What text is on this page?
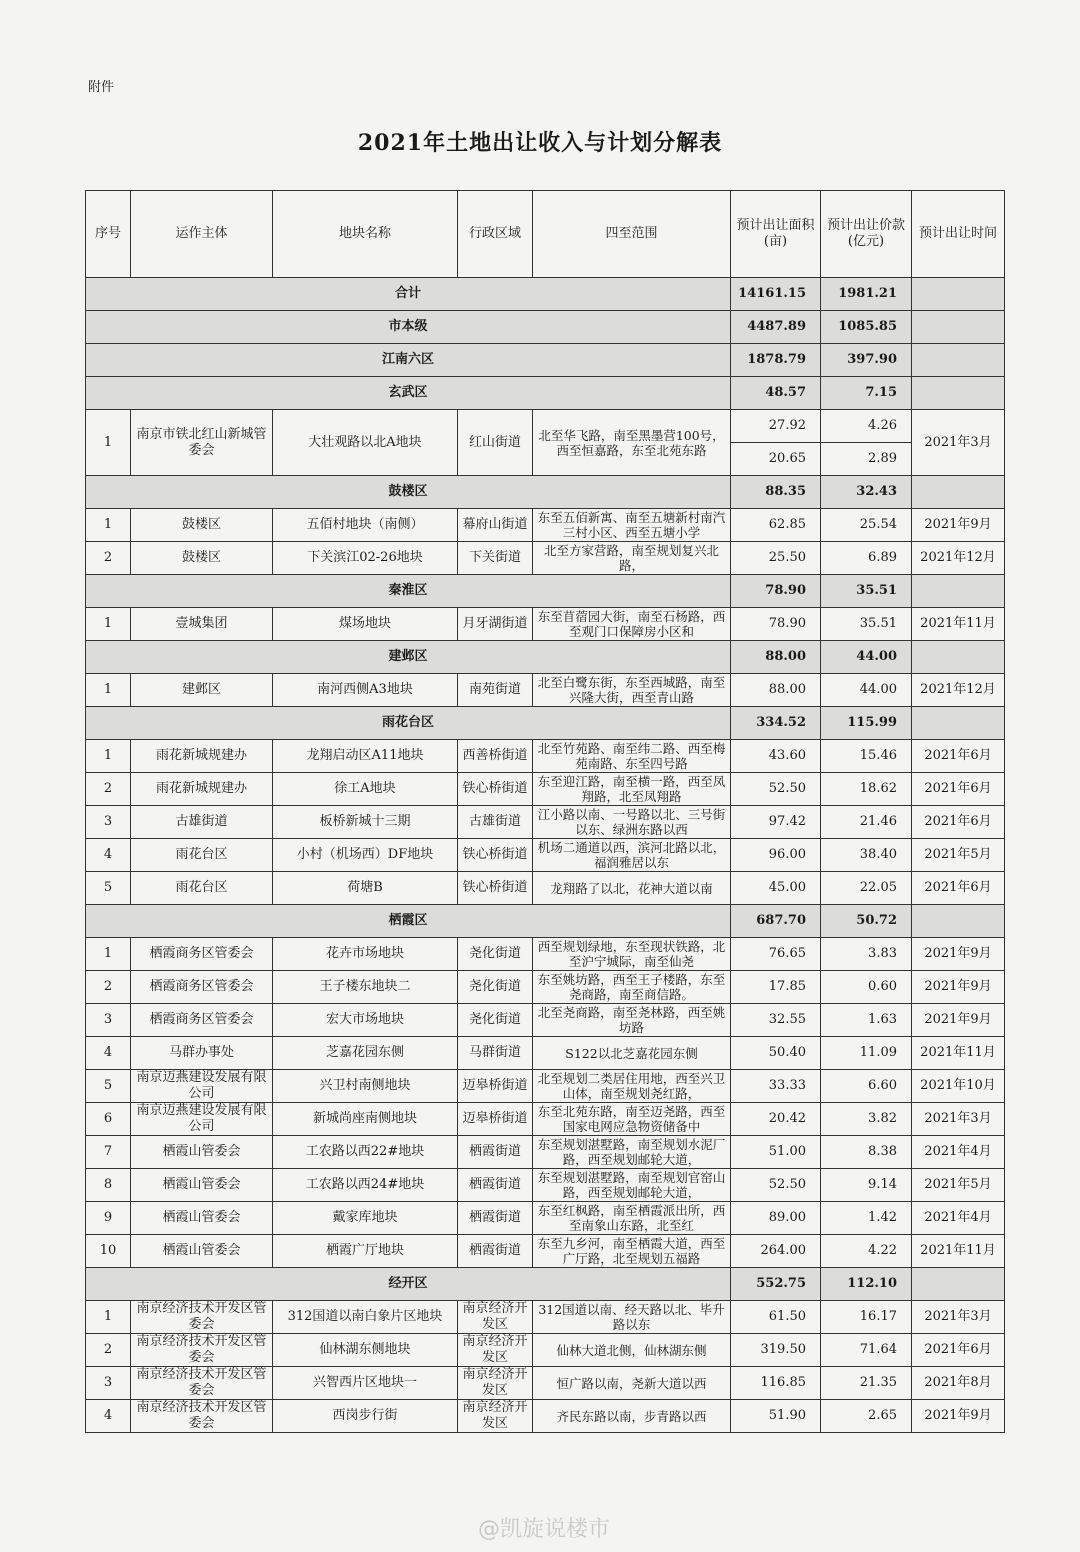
附件
2021年土地出让收入与计划分解表
序号	运作主体	地块名称	行政区域	四至范围	预计出让面积(亩)	预计出让价款(亿元)	预计出让时间
合计					14161.15	1981.21	
市本级					4487.89	1085.85	
江南六区					1878.79	397.90	
玄武区					48.57	7.15	
1	南京市铁北红山新城管委会	大壮观路以北A地块	红山街道	北至华飞路，南至黑墨营100号，西至恒嘉路，东至北苑东路	27.92	4.26	2021年3月
					20.65	2.89	
鼓楼区					88.35	32.43	
1	鼓楼区	五佰村地块（南侧）	幕府山街道	东至五佰新寓、南至五塘新村南汽三村小区、西至五塘小学	62.85	25.54	2021年9月
2	鼓楼区	下关滨江02-26地块	下关街道	北至方家营路，南至规划复兴北路，	25.50	6.89	2021年12月
秦淮区					78.90	35.51	
1	壹城集团	煤场地块	月牙湖街道	东至苜蓿园大街，南至石杨路，西至观门口保障房小区和	78.90	35.51	2021年11月
建邺区					88.00	44.00	
1	建邺区	南河西侧A3地块	南苑街道	北至白鹭东街，东至西城路，南至兴隆大街，西至青山路	88.00	44.00	2021年12月
雨花台区					334.52	115.99	
1	雨花新城规建办	龙翔启动区A11地块	西善桥街道	北至竹苑路、南至纬二路、西至梅苑南路、东至四号路	43.60	15.46	2021年6月
2	雨花新城规建办	徐工A地块	铁心桥街道	东至迎江路，南至横一路，西至凤翔路，北至凤翔路	52.50	18.62	2021年6月
3	古雄街道	板桥新城十三期	古雄街道	江小路以南、一号路以北、三号街以东、绿洲东路以西	97.42	21.46	2021年6月
4	雨花台区	小村（机场西）DF地块	铁心桥街道	机场二通道以西，滨河北路以北，福润雅居以东	96.00	38.40	2021年5月
5	雨花台区	荷塘B	铁心桥街道	龙翔路了以北，花神大道以南	45.00	22.05	2021年6月
栖霞区					687.70	50.72	
1	栖霞商务区管委会	花卉市场地块	尧化街道	西至规划绿地，东至现状铁路，北至沪宁城际，南至仙尧	76.65	3.83	2021年9月
2	栖霞商务区管委会	王子楼东地块二	尧化街道	东至姚坊路，西至王子楼路，东至尧商路，南至商信路。	17.85	0.60	2021年9月
3	栖霞商务区管委会	宏大市场地块	尧化街道	北至尧商路，南至尧林路，西至姚坊路	32.55	1.63	2021年9月
4	马群办事处	芝嘉花园东侧	马群街道	S122以北芝嘉花园东侧	50.40	11.09	2021年11月
5	南京迈燕建设发展有限公司	兴卫村南侧地块	迈皋桥街道	北至规划二类居住用地，西至兴卫山体，南至规划尧红路，	33.33	6.60	2021年10月
6	南京迈燕建设发展有限公司	新城尚座南侧地块	迈皋桥街道	东至北苑东路，南至迈尧路，西至国家电网应急物资储备中	20.42	3.82	2021年3月
7	栖霞山管委会	工农路以西22#地块	栖霞街道	东至规划湛墅路，南至规划水泥厂路，西至规划邮轮大道，	51.00	8.38	2021年4月
8	栖霞山管委会	工农路以西24#地块	栖霞街道	东至规划湛墅路，南至规划官窑山路，西至规划邮轮大道，	52.50	9.14	2021年5月
9	栖霞山管委会	戴家库地块	栖霞街道	东至红枫路，南至栖霞派出所，西至南象山东路，北至红	89.00	1.42	2021年4月
10	栖霞山管委会	栖霞广厅地块	栖霞街道	东至九乡河，南至栖霞大道，西至广厅路，北至规划五福路	264.00	4.22	2021年11月
经开区					552.75	112.10	
1	南京经济技术开发区管委会	312国道以南白象片区地块	南京经济开发区	312国道以南、经天路以北、毕升路以东	61.50	16.17	2021年3月
2	南京经济技术开发区管委会	仙林湖东侧地块	南京经济开发区	仙林大道北侧，仙林湖东侧	319.50	71.64	2021年6月
3	南京经济技术开发区管委会	兴智西片区地块一	南京经济开发区	恒广路以南，尧新大道以西	116.85	21.35	2021年8月
4	南京经济技术开发区管委会	西岗步行街	南京经济开发区	齐民东路以南，步青路以西	51.90	2.65	2021年9月
@凯旋说楼市
